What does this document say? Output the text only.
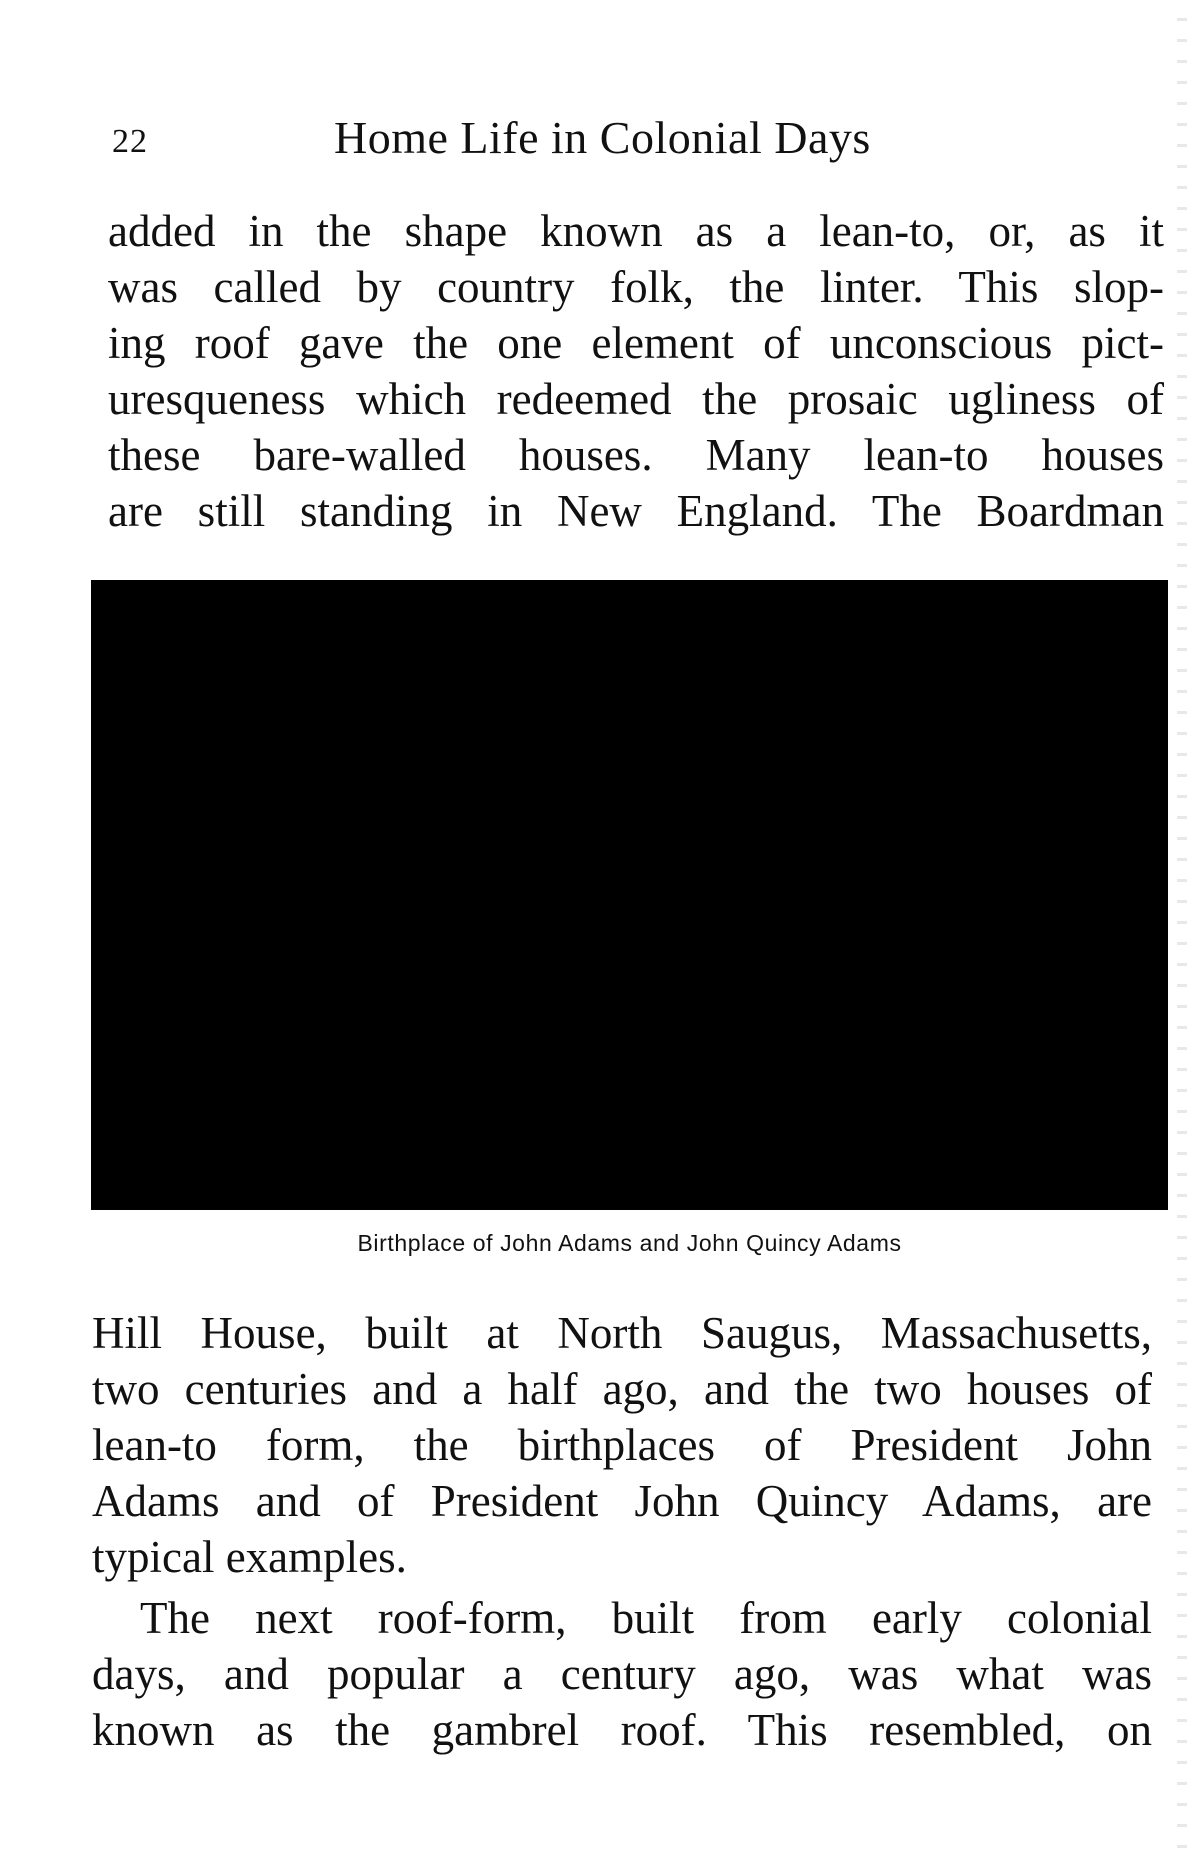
22	Home Life in Colonial Days
added in the shape known as a lean-to, or, as it
was called by country folk, the linter. This slop-
ing roof gave the one element of unconscious pict-
uresqueness which redeemed the prosaic ugliness of
these bare-walled houses. Many lean-to houses
are still standing in New England. The Boardman
Birthplace of John Adams and John Quincy Adams
Hill House, built at North Saugus, Massachusetts,
two centuries and a half ago, and the two houses of
lean-to form, the birthplaces of President John
Adams and of President John Quincy Adams, are
typical examples.
The next roof-form, built from early colonial
days, and popular a century ago, was what was
known as the gambrel roof. This resembled, on
